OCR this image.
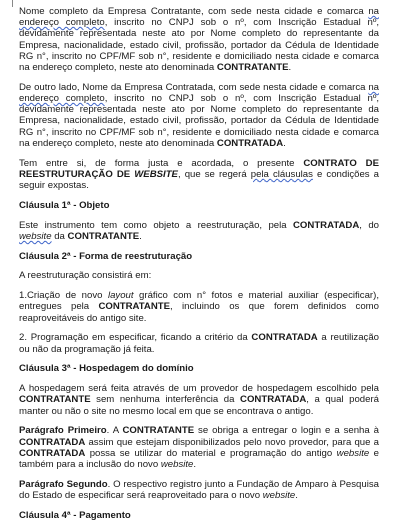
Nome completo da Empresa Contratante, com sede nesta cidade e comarca na endereço completo, inscrito no CNPJ sob o nº, com Inscrição Estadual nº, devidamente representada neste ato por Nome completo do representante da Empresa, nacionalidade, estado civil, profissão, portador da Cédula de Identidade RG n°, inscrito no CPF/MF sob n°, residente e domiciliado nesta cidade e comarca na endereço completo, neste ato denominada CONTRATANTE.

De outro lado, Nome da Empresa Contratada, com sede nesta cidade e comarca na endereço completo, inscrito no CNPJ sob o nº, com Inscrição Estadual nº, devidamente representada neste ato por Nome completo do representante da Empresa, nacionalidade, estado civil, profissão, portador da Cédula de Identidade RG n°, inscrito no CPF/MF sob n°, residente e domiciliado nesta cidade e comarca na endereço completo, neste ato denominada CONTRATADA.

Tem entre si, de forma justa e acordada, o presente CONTRATO DE REESTRUTURAÇÃO DE WEBSITE, que se regerá pela cláusulas e condições a seguir expostas.

Cláusula 1ª - Objeto

Este instrumento tem como objeto a reestruturação, pela CONTRATADA, do website da CONTRATANTE.

Cláusula 2ª - Forma de reestruturação

A reestruturação consistirá em:

1.Criação de novo layout gráfico com n° fotos e material auxiliar (especificar), entregues pela CONTRATANTE, incluindo os que forem definidos como reaproveitáveis do antigo site.

2. Programação em especificar, ficando a critério da CONTRATADA a reutilização ou não da programação já feita.

Cláusula 3ª - Hospedagem do domínio

A hospedagem será feita através de um provedor de hospedagem escolhido pela CONTRATANTE sem nenhuma interferência da CONTRATADA, a qual poderá manter ou não o site no mesmo local em que se encontrava o antigo.

Parágrafo Primeiro. A CONTRATANTE se obriga a entregar o login e a senha à CONTRATADA assim que estejam disponibilizados pelo novo provedor, para que a CONTRATADA possa se utilizar do material e programação do antigo website e também para a inclusão do novo website.

Parágrafo Segundo. O respectivo registro junto a Fundação de Amparo à Pesquisa do Estado de especificar será reaproveitado para o novo website.

Cláusula 4ª - Pagamento
